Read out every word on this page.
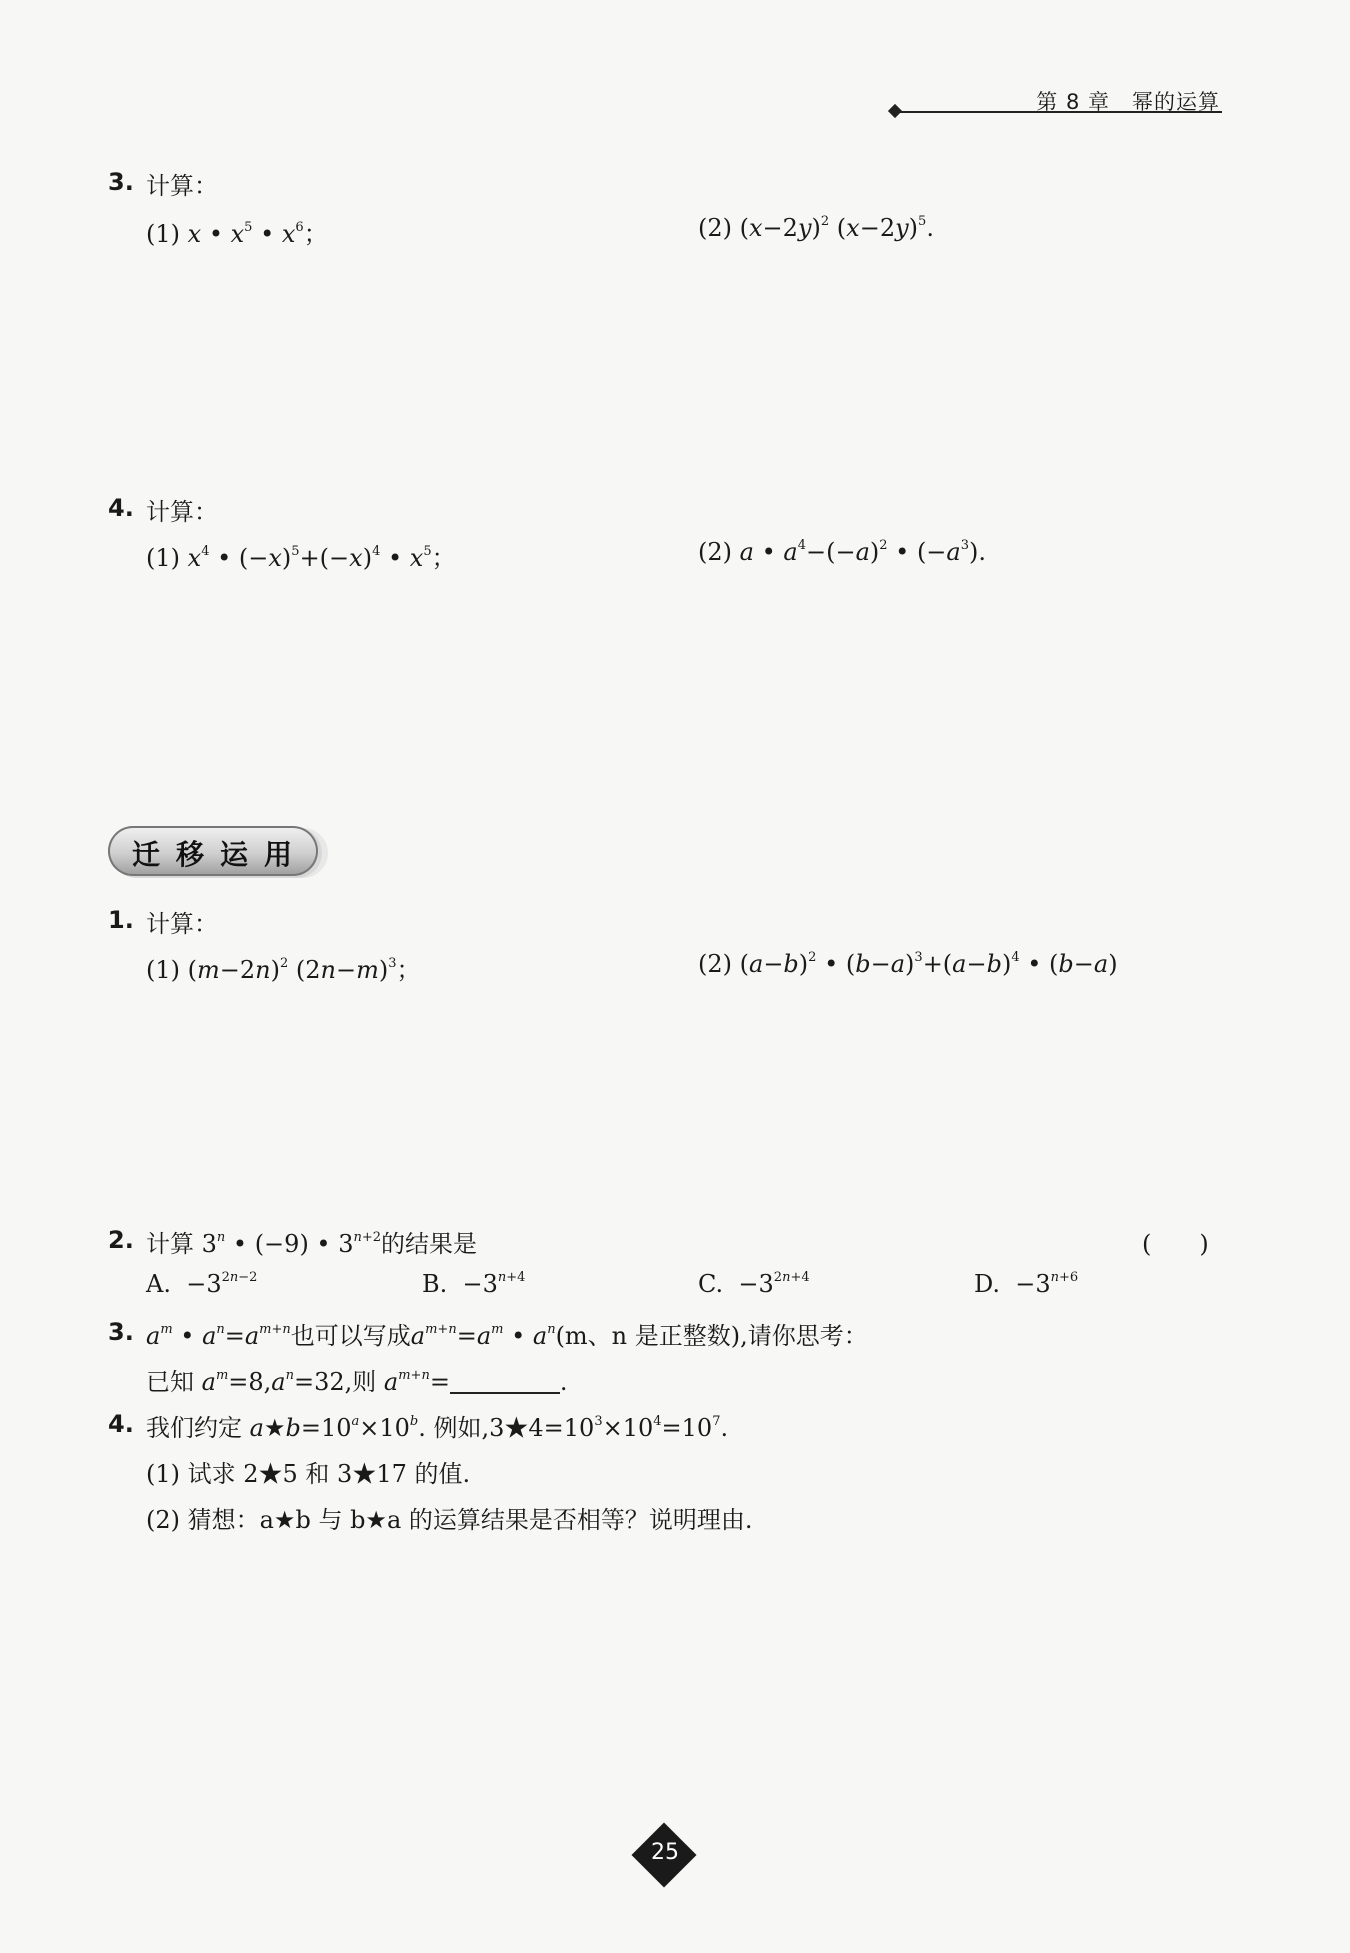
第 8 章　幂的运算
3. 计算：
(1) x • $x^5$ • $x^6$；	(2) $(x-2y)^2$ $(x-2y)^5$.
4. 计算：
(1) $x^4$ • $(-x)^5+(-x)^4$ • $x^5$；	(2) a • $a^4-(-a)^2$ • $(-a^3)$.
迁移运用
1. 计算：
(1) $(m-2n)^2$ $(2n-m)^3$；	(2) $(a-b)^2$ • $(b-a)^3+(a-b)^4$ • (b−a)
2. 计算 3$^n$ • (−9) • $3^{n+2}$的结果是	(　　)
A.  $-3^{2n-2}$	B.  $-3^{n+4}$	C.  $-3^{2n+4}$	D.  $-3^{n+6}$
3. $a^m$ • $a^n=a^{m+n}$也可以写成$a^{m+n}=a^m$ • $a^n(m$、n 是正整数),请你思考：
已知 $a^m=8,a^n=32$,则 $a^{m+n}=$	.
4. 我们约定 $a★b=10^a\times 10^b$. 例如$,3★4=10^3\times 10^4=10^7$.
(1) 试求 2★5 和 3★17 的值.
(2) 猜想：a★b 与 b★a 的运算结果是否相等？说明理由.
25
